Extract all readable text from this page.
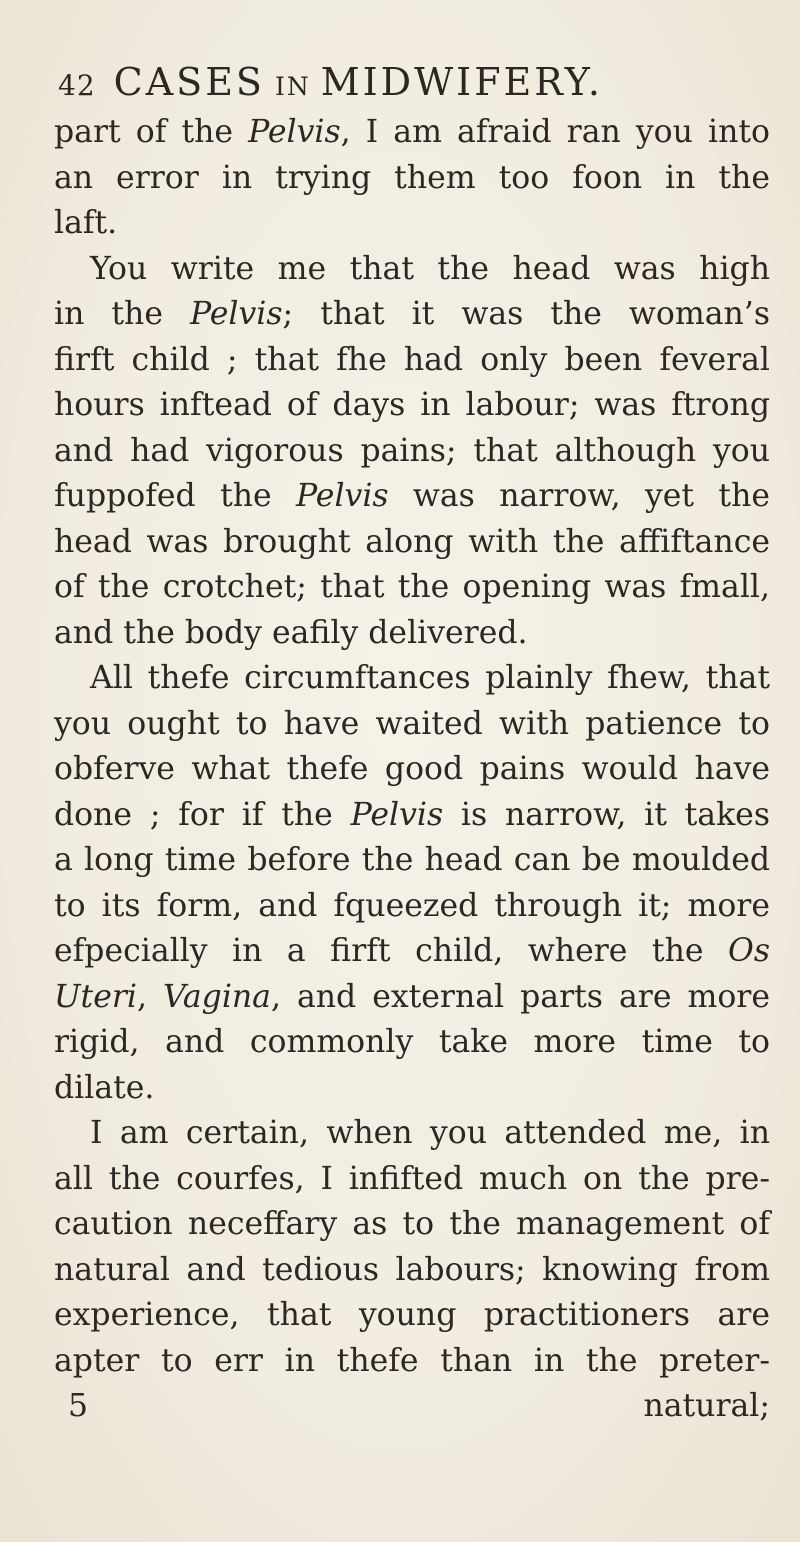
42 CASES IN MIDWIFERY.
part of the Pelvis, I am afraid ran you into
an error in trying them too foon in the
laft.
You write me that the head was high
in the Pelvis; that it was the woman’s
firft child ; that fhe had only been feveral
hours inftead of days in labour; was ftrong
and had vigorous pains; that although you
fuppofed the Pelvis was narrow, yet the
head was brought along with the affiftance
of the crotchet; that the opening was fmall,
and the body eafily delivered.
All thefe circumftances plainly fhew, that
you ought to have waited with patience to
obferve what thefe good pains would have
done ; for if the Pelvis is narrow, it takes
a long time before the head can be moulded
to its form, and fqueezed through it; more
efpecially in a firft child, where the Os
Uteri, Vagina, and external parts are more
rigid, and commonly take more time to
dilate.
I am certain, when you attended me, in
all the courfes, I infifted much on the pre-
caution neceffary as to the management of
natural and tedious labours; knowing from
experience, that young practitioners are
apter to err in thefe than in the preter-
5	natural;
